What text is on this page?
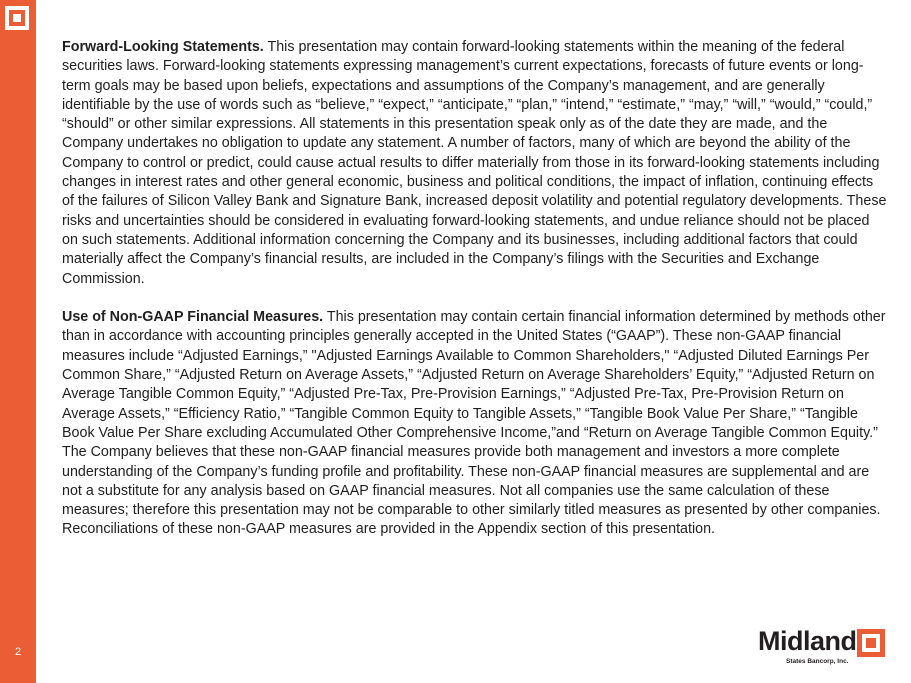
2

Forward-Looking Statements. This presentation may contain forward-looking statements within the meaning of the federal securities laws. Forward-looking statements expressing management’s current expectations, forecasts of future events or long-term goals may be based upon beliefs, expectations and assumptions of the Company’s management, and are generally identifiable by the use of words such as “believe,” “expect,” “anticipate,” “plan,” “intend,” “estimate,” “may,” “will,” “would,” “could,” “should” or other similar expressions. All statements in this presentation speak only as of the date they are made, and the Company undertakes no obligation to update any statement. A number of factors, many of which are beyond the ability of the Company to control or predict, could cause actual results to differ materially from those in its forward-looking statements including changes in interest rates and other general economic, business and political conditions, the impact of inflation, continuing effects of the failures of Silicon Valley Bank and Signature Bank, increased deposit volatility and potential regulatory developments. These risks and uncertainties should be considered in evaluating forward-looking statements, and undue reliance should not be placed on such statements. Additional information concerning the Company and its businesses, including additional factors that could materially affect the Company’s financial results, are included in the Company’s filings with the Securities and Exchange Commission.

Use of Non-GAAP Financial Measures. This presentation may contain certain financial information determined by methods other than in accordance with accounting principles generally accepted in the United States (“GAAP”). These non-GAAP financial measures include “Adjusted Earnings,” "Adjusted Earnings Available to Common Shareholders," “Adjusted Diluted Earnings Per Common Share,” “Adjusted Return on Average Assets,” “Adjusted Return on Average Shareholders’ Equity,” “Adjusted Return on Average Tangible Common Equity,” “Adjusted Pre-Tax, Pre-Provision Earnings,” “Adjusted Pre-Tax, Pre-Provision Return on Average Assets,” “Efficiency Ratio,” “Tangible Common Equity to Tangible Assets,” “Tangible Book Value Per Share,” “Tangible Book Value Per Share excluding Accumulated Other Comprehensive Income,”and “Return on Average Tangible Common Equity.” The Company believes that these non-GAAP financial measures provide both management and investors a more complete understanding of the Company’s funding profile and profitability. These non-GAAP financial measures are supplemental and are not a substitute for any analysis based on GAAP financial measures. Not all companies use the same calculation of these measures; therefore this presentation may not be comparable to other similarly titled measures as presented by other companies. Reconciliations of these non-GAAP measures are provided in the Appendix section of this presentation.

Midland
States Bancorp, Inc.
